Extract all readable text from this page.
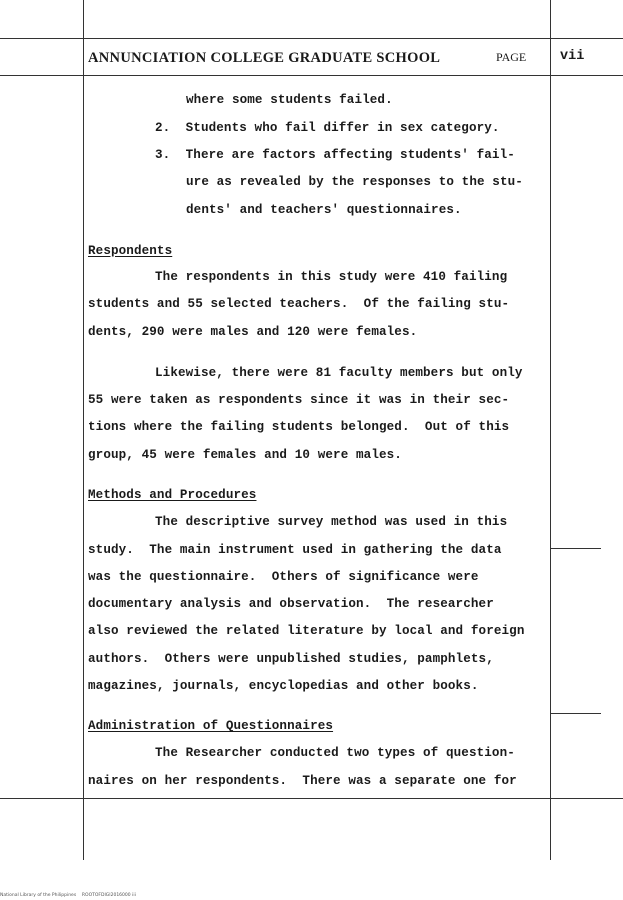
ANNUNCIATION COLLEGE GRADUATE SCHOOL	PAGE	vii
where some students failed.
2.  Students who fail differ in sex category.
3.  There are factors affecting students' fail-
ure as revealed by the responses to the stu-
dents' and teachers' questionnaires.
Respondents
The respondents in this study were 410 failing
students and 55 selected teachers.  Of the failing stu-
dents, 290 were males and 120 were females.
Likewise, there were 81 faculty members but only
55 were taken as respondents since it was in their sec-
tions where the failing students belonged.  Out of this
group, 45 were females and 10 were males.
Methods and Procedures
The descriptive survey method was used in this
study.  The main instrument used in gathering the data
was the questionnaire.  Others of significance were
documentary analysis and observation.  The researcher
also reviewed the related literature by local and foreign
authors.  Others were unpublished studies, pamphlets,
magazines, journals, encyclopedias and other books.
Administration of Questionnaires
The Researcher conducted two types of question-
naires on her respondents.  There was a separate one for
National Library of the Philippines    ROOTOFDIGI2016000 iii
